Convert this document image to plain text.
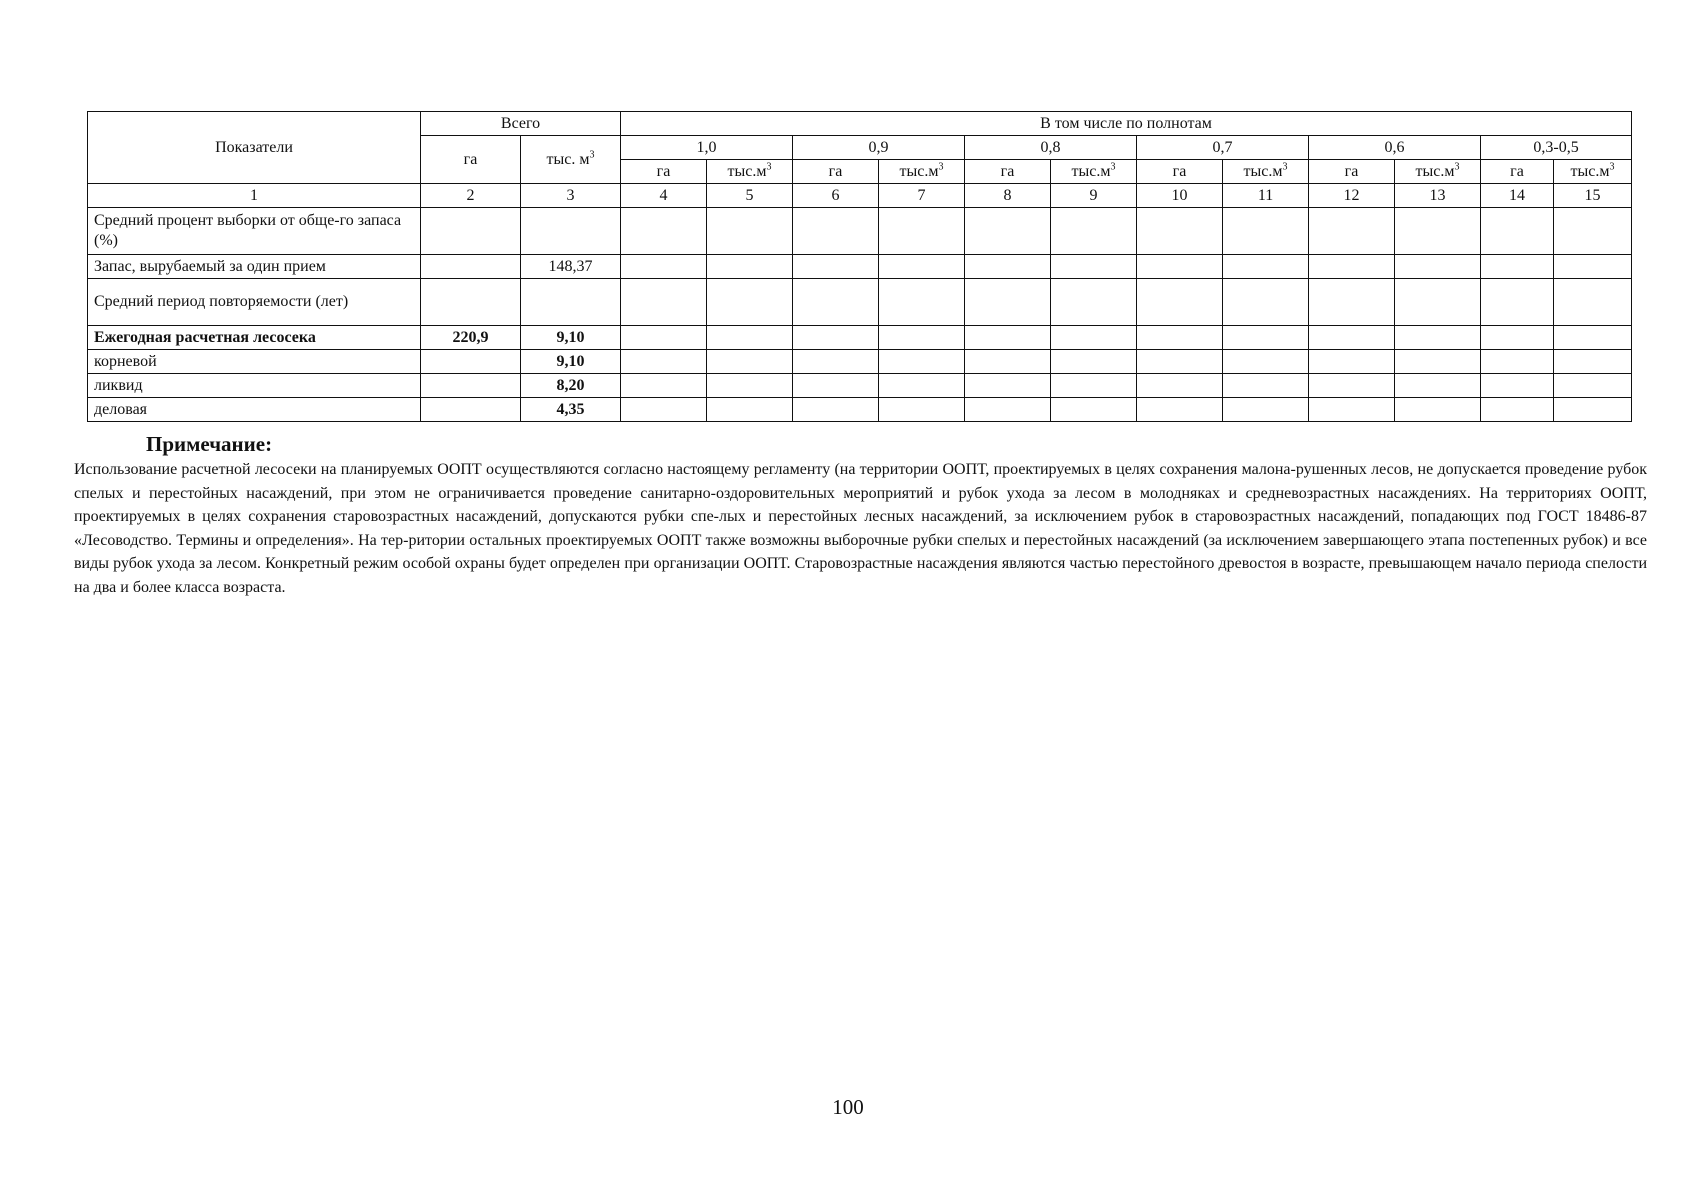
Показатели	Всего		В том числе по полнотам											
	га	тыс. $м^3$	1,0		0,9		0,8		0,7		0,6		0,3-0,5	
			га	$тыс.м^3$	га	$тыс.м^3$	га	$тыс.м^3$	га	$тыс.м^3$	га	$тыс.м^3$	га	$тыс.м^3$
1	2	3	4	5	6	7	8	9	10	11	12	13	14	15
Средний процент выборки от обще-го запаса (%)														
Запас, вырубаемый за один прием		148,37												
Средний период повторяемости (лет)														
Ежегодная расчетная лесосека	220,9	9,10												
корневой		9,10												
ликвид		8,20												
деловая		4,35												
Примечание:

Использование расчетной лесосеки на планируемых ООПТ осуществляются согласно настоящему регламенту (на территории ООПТ, проектируемых в целях сохранения малона-рушенных лесов, не допускается проведение рубок спелых и перестойных насаждений, при этом не ограничивается проведение санитарно-оздоровительных мероприятий и рубок ухода за лесом в молодняках и средневозрастных насаждениях. На территориях ООПТ, проектируемых в целях сохранения старовозрастных насаждений, допускаются рубки спе-лых и перестойных лесных насаждений, за исключением рубок в старовозрастных насаждений, попадающих под ГОСТ 18486-87 «Лесоводство. Термины и определения». На тер-ритории остальных проектируемых ООПТ также возможны выборочные рубки спелых и перестойных насаждений (за исключением завершающего этапа постепенных рубок) и все виды рубок ухода за лесом. Конкретный режим особой охраны будет определен при организации ООПТ. Старовозрастные насаждения являются частью перестойного древостоя в возрасте, превышающем начало периода спелости на два и более класса возраста.

100
